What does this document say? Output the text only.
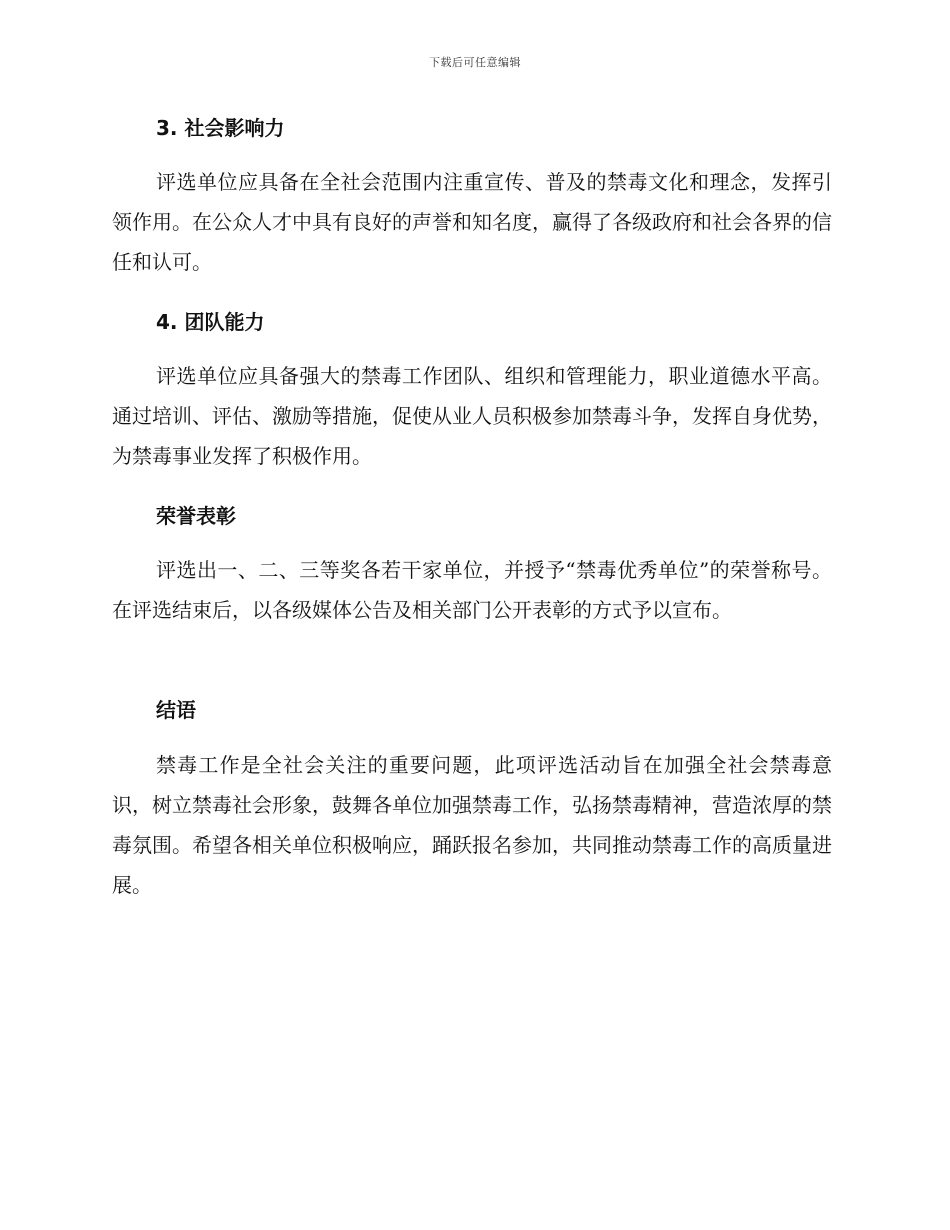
下载后可任意编辑
3. 社会影响力

评选单位应具备在全社会范围内注重宣传、普及的禁毒文化和理念，发挥引领作用。在公众人才中具有良好的声誉和知名度，赢得了各级政府和社会各界的信任和认可。

4. 团队能力

评选单位应具备强大的禁毒工作团队、组织和管理能力，职业道德水平高。通过培训、评估、激励等措施，促使从业人员积极参加禁毒斗争，发挥自身优势，为禁毒事业发挥了积极作用。

荣誉表彰

评选出一、二、三等奖各若干家单位，并授予“禁毒优秀单位”的荣誉称号。在评选结束后，以各级媒体公告及相关部门公开表彰的方式予以宣布。

结语

禁毒工作是全社会关注的重要问题，此项评选活动旨在加强全社会禁毒意识，树立禁毒社会形象，鼓舞各单位加强禁毒工作，弘扬禁毒精神，营造浓厚的禁毒氛围。希望各相关单位积极响应，踊跃报名参加，共同推动禁毒工作的高质量进展。
